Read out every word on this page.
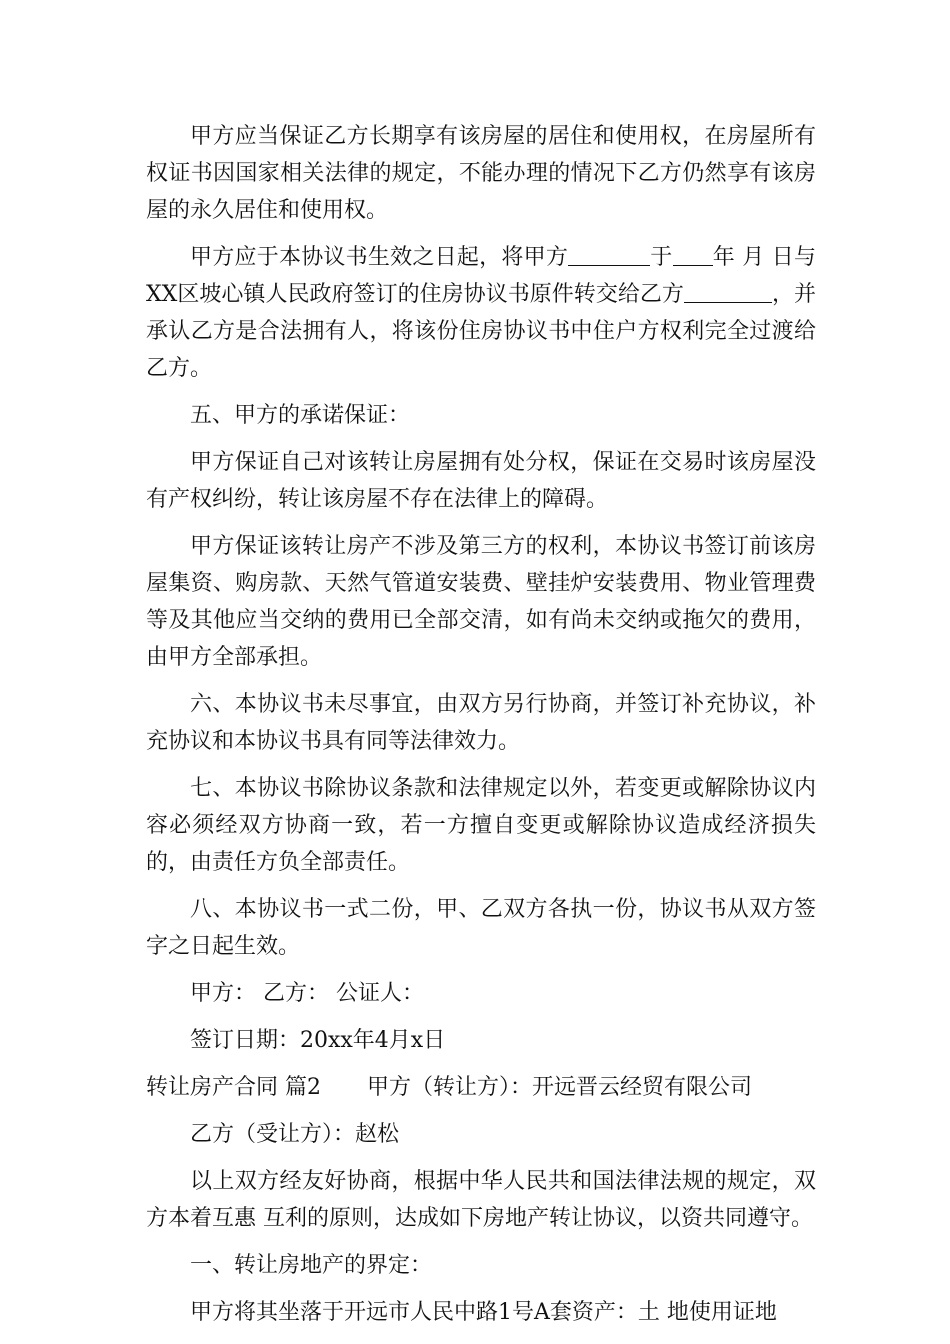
甲方应当保证乙方长期享有该房屋的居住和使用权，在房屋所有权证书因国家相关法律的规定，不能办理的情况下乙方仍然享有该房屋的永久居住和使用权。

甲方应于本协议书生效之日起，将甲方	于 年 月 日与XX区坡心镇人民政府签订的住房协议书原件转交给乙方	，并承认乙方是合法拥有人，将该份住房协议书中住户方权利完全过渡给乙方。

五、甲方的承诺保证：

甲方保证自己对该转让房屋拥有处分权，保证在交易时该房屋没有产权纠纷，转让该房屋不存在法律上的障碍。

甲方保证该转让房产不涉及第三方的权利，本协议书签订前该房屋集资、购房款、天然气管道安装费、壁挂炉安装费用、物业管理费等及其他应当交纳的费用已全部交清，如有尚未交纳或拖欠的费用，由甲方全部承担。

六、本协议书未尽事宜，由双方另行协商，并签订补充协议，补充协议和本协议书具有同等法律效力。

七、本协议书除协议条款和法律规定以外，若变更或解除协议内容必须经双方协商一致，若一方擅自变更或解除协议造成经济损失的，由责任方负全部责任。

八、本协议书一式二份，甲、乙双方各执一份，协议书从双方签字之日起生效。

甲方： 乙方： 公证人：

签订日期：20xx年4月x日

转让房产合同 篇2 甲方（转让方）：开远晋云经贸有限公司

乙方（受让方）：赵松

以上双方经友好协商，根据中华人民共和国法律法规的规定，双方本着互惠 互利的原则，达成如下房地产转让协议，以资共同遵守。

一、转让房地产的界定：

甲方将其坐落于开远市人民中路1号A套资产：土 地使用证地
